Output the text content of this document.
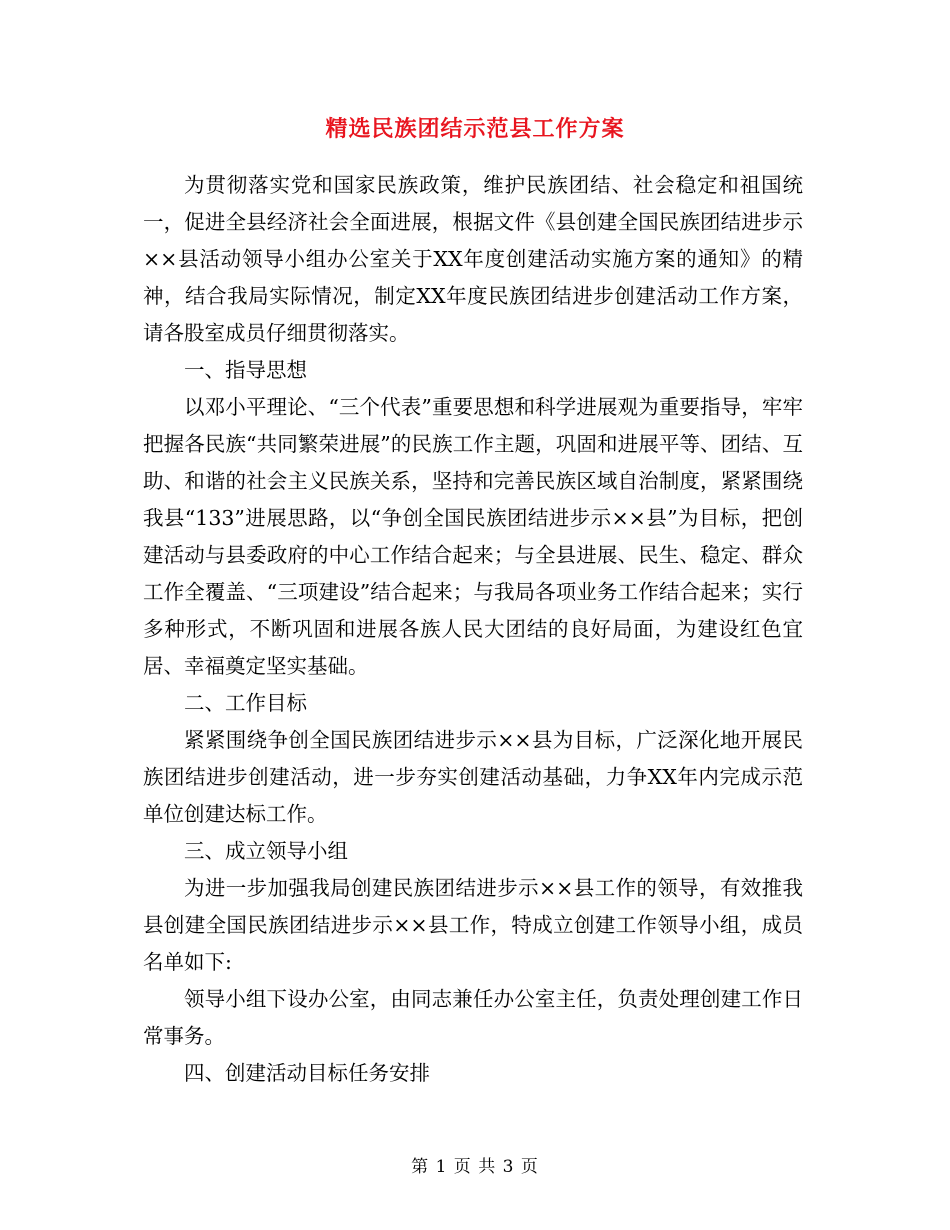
精选民族团结示范县工作方案

为贯彻落实党和国家民族政策，维护民族团结、社会稳定和祖国统一，促进全县经济社会全面进展，根据文件《县创建全国民族团结进步示××县活动领导小组办公室关于XX年度创建活动实施方案的通知》的精神，结合我局实际情况，制定XX年度民族团结进步创建活动工作方案，请各股室成员仔细贯彻落实。

一、指导思想

以邓小平理论、“三个代表”重要思想和科学进展观为重要指导，牢牢把握各民族“共同繁荣进展”的民族工作主题，巩固和进展平等、团结、互助、和谐的社会主义民族关系，坚持和完善民族区域自治制度，紧紧围绕我县“133”进展思路，以“争创全国民族团结进步示××县”为目标，把创建活动与县委政府的中心工作结合起来；与全县进展、民生、稳定、群众工作全覆盖、“三项建设”结合起来；与我局各项业务工作结合起来；实行多种形式，不断巩固和进展各族人民大团结的良好局面，为建设红色宜居、幸福奠定坚实基础。

二、工作目标

紧紧围绕争创全国民族团结进步示××县为目标，广泛深化地开展民族团结进步创建活动，进一步夯实创建活动基础，力争XX年内完成示范单位创建达标工作。

三、成立领导小组

为进一步加强我局创建民族团结进步示××县工作的领导，有效推我县创建全国民族团结进步示××县工作，特成立创建工作领导小组，成员名单如下:

领导小组下设办公室，由同志兼任办公室主任，负责处理创建工作日常事务。

四、创建活动目标任务安排

第 1 页 共 3 页
